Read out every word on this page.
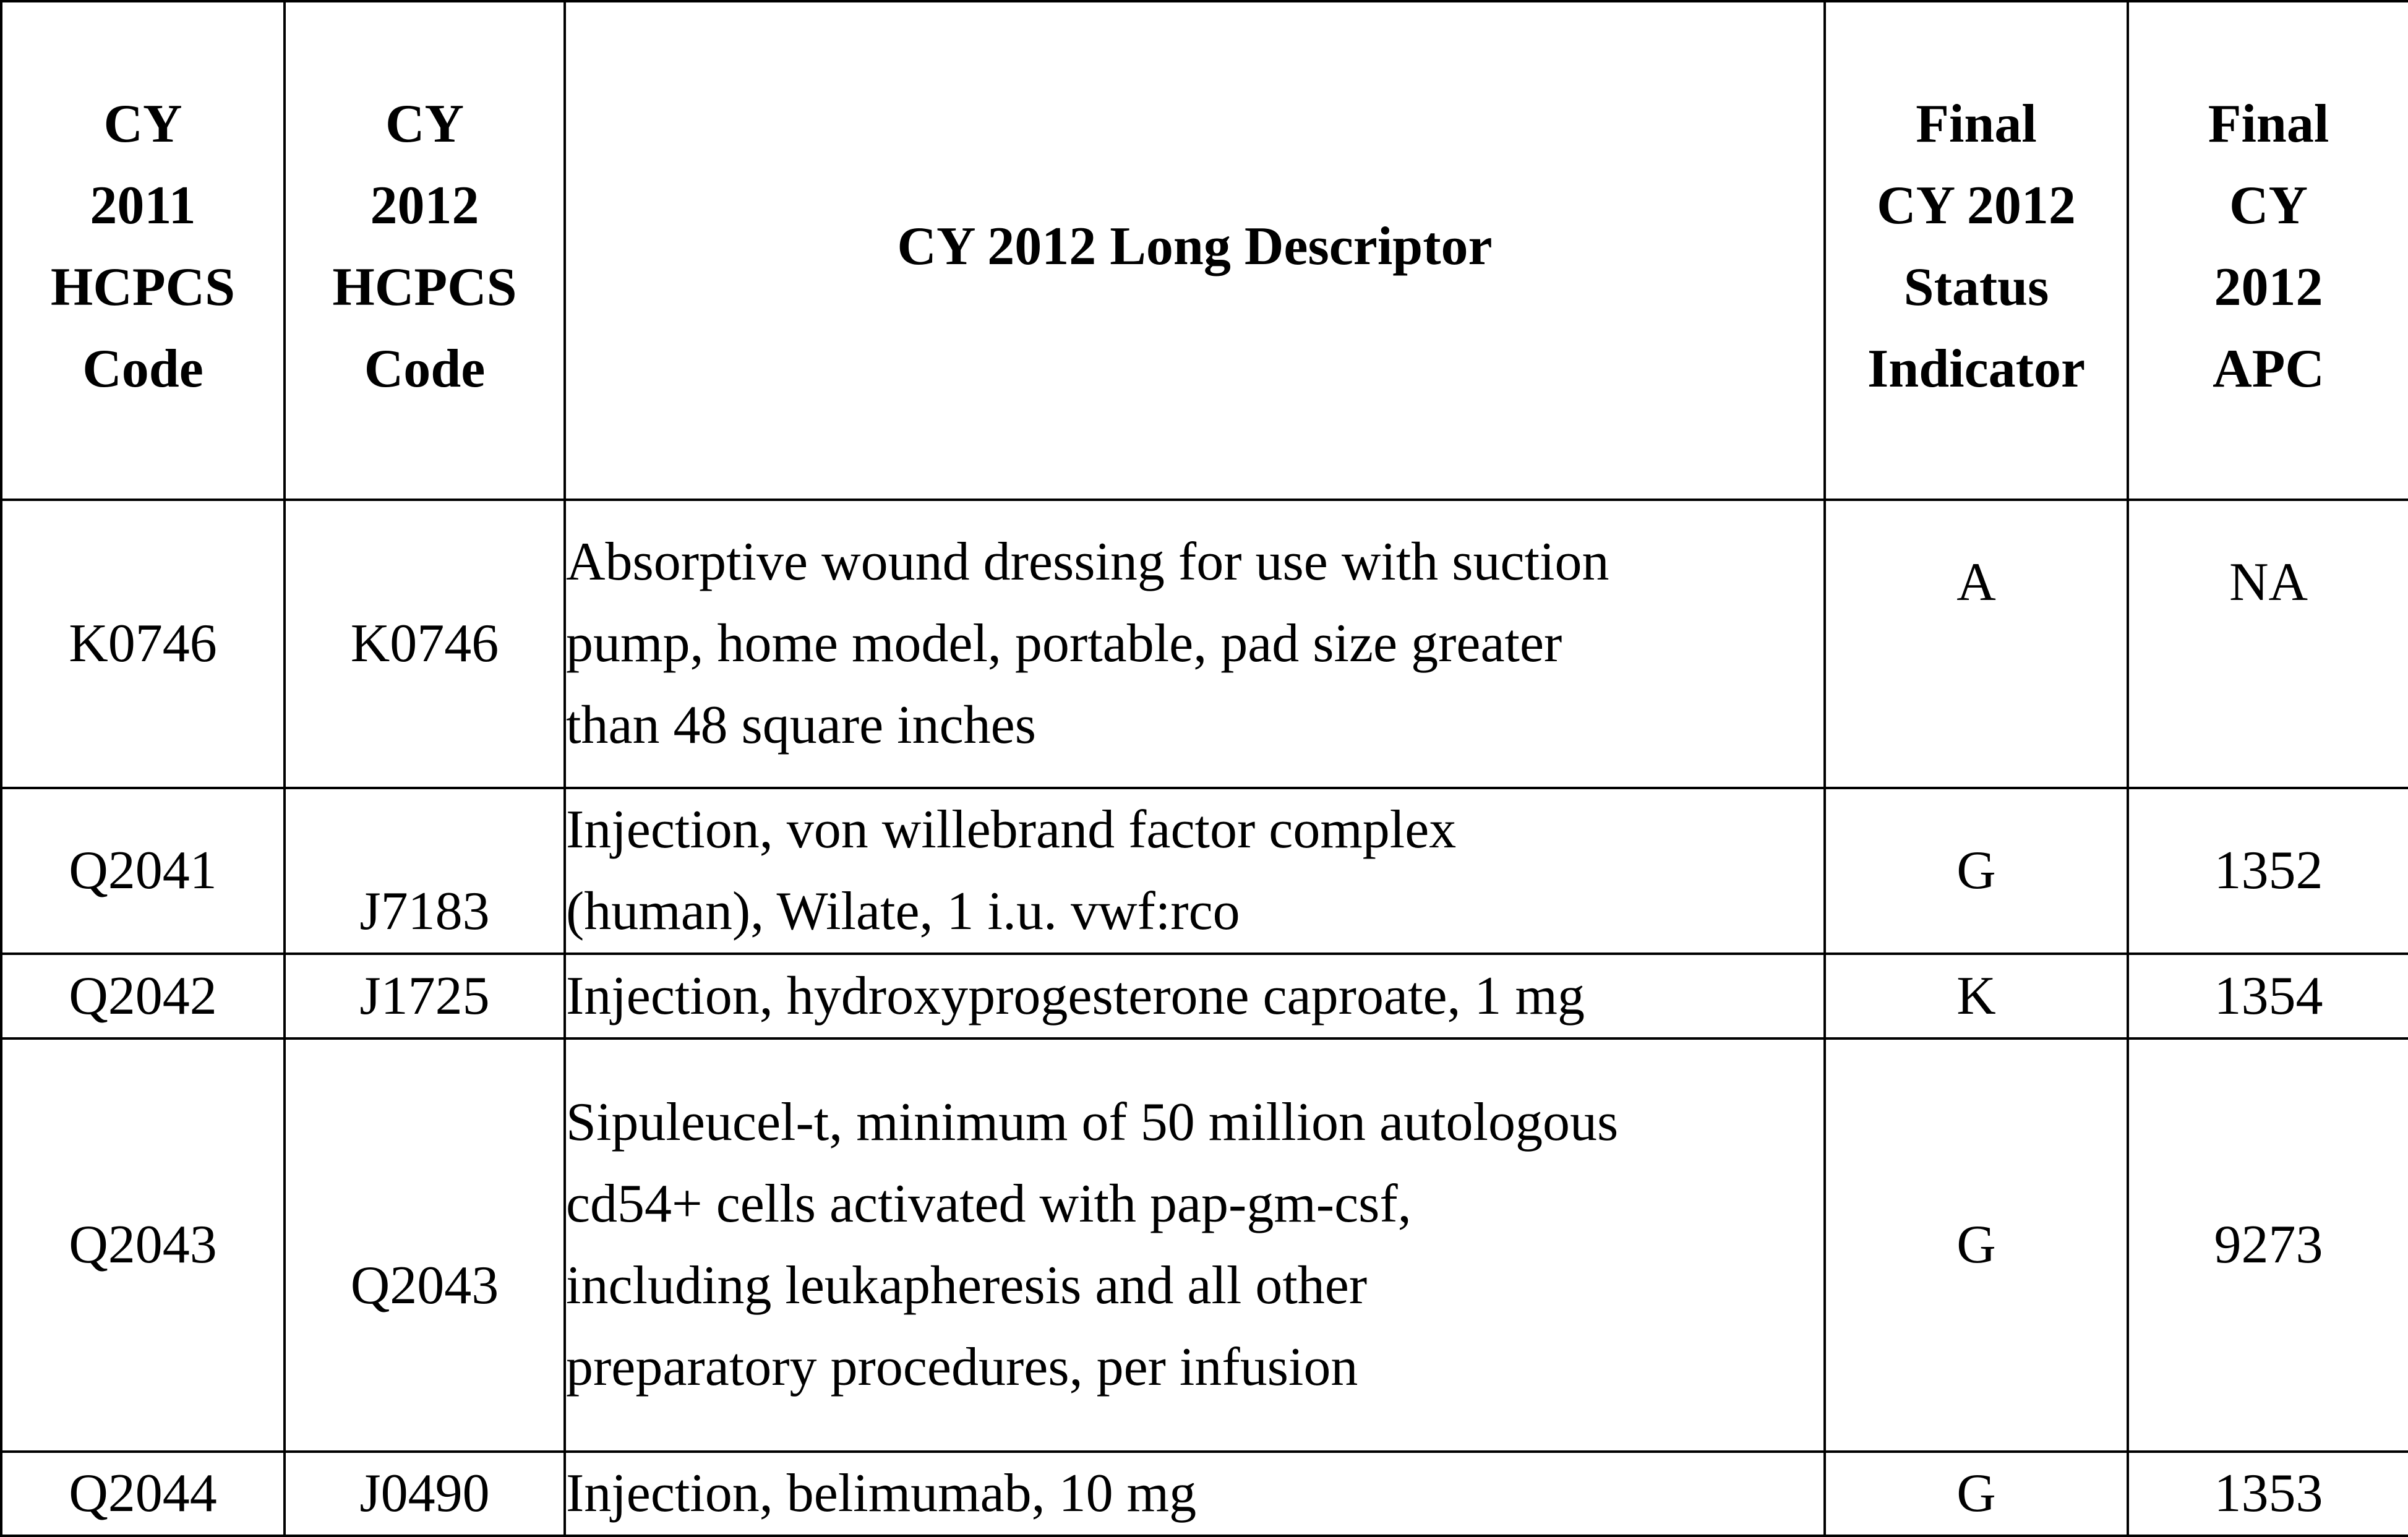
CY
2011
HCPCS
Code	CY
2012
HCPCS
Code	CY 2012 Long Descriptor	Final
CY 2012
Status
Indicator	Final
CY
2012
APC

K0746	K0746	Absorptive wound dressing for use with suction
pump, home model, portable, pad size greater
than 48 square inches	A	NA
Q2041	J7183	Injection, von willebrand factor complex
(human), Wilate, 1 i.u. vwf:rco	G	1352
Q2042	J1725	Injection, hydroxyprogesterone caproate, 1 mg	K	1354
Q2043	Q2043	Sipuleucel-t, minimum of 50 million autologous
cd54+ cells activated with pap-gm-csf,
including leukapheresis and all other
preparatory procedures, per infusion	G	9273
Q2044	J0490	Injection, belimumab, 10 mg	G	1353
